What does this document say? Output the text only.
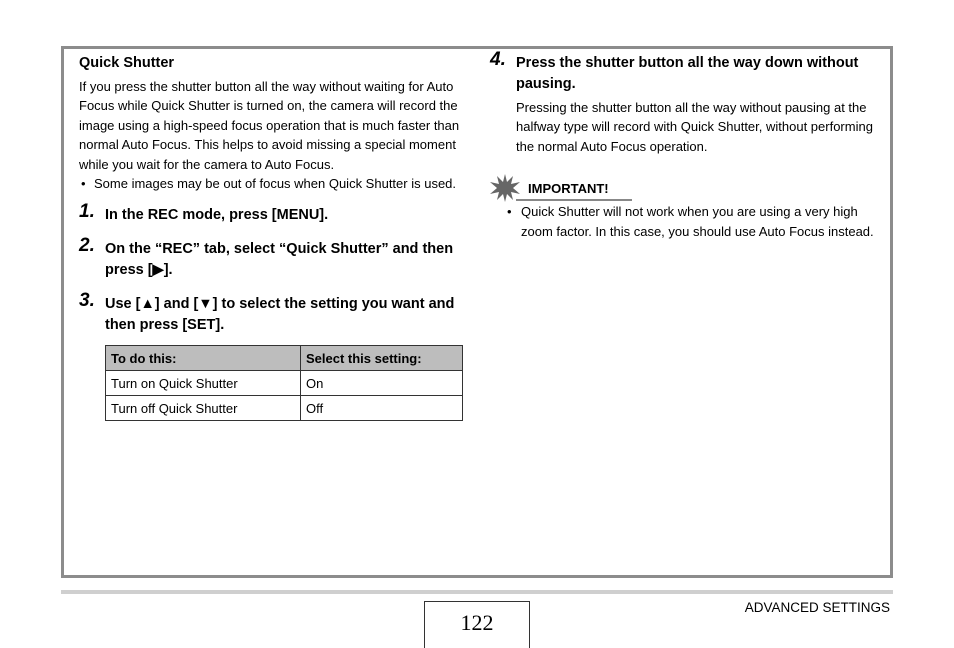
Quick Shutter

If you press the shutter button all the way without waiting for Auto Focus while Quick Shutter is turned on, the camera will record the image using a high-speed focus operation that is much faster than normal Auto Focus. This helps to avoid missing a special moment while you wait for the camera to Auto Focus.

• Some images may be out of focus when Quick Shutter is used.

1. In the REC mode, press [MENU].
2. On the “REC” tab, select “Quick Shutter” and then press [▶].
3. Use [▲] and [▼] to select the setting you want and then press [SET].
To do this:	Select this setting:
Turn on Quick Shutter	On
Turn off Quick Shutter	Off
4. Press the shutter button all the way down without pausing.

Pressing the shutter button all the way without pausing at the halfway type will record with Quick Shutter, without performing the normal Auto Focus operation.

IMPORTANT!

• Quick Shutter will not work when you are using a very high zoom factor. In this case, you should use Auto Focus instead.

ADVANCED SETTINGS
122
